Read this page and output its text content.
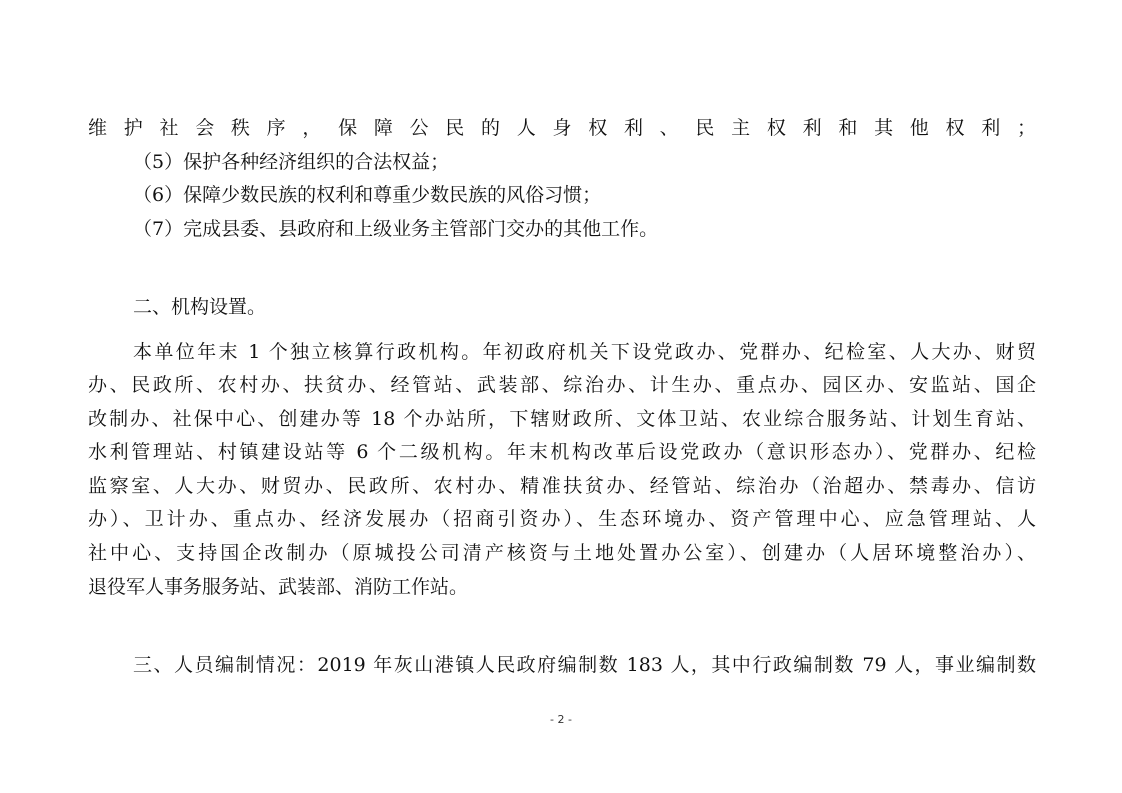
维护社会秩序，保障公民的人身权利、民主权利和其他权利；

（5）保护各种经济组织的合法权益；

（6）保障少数民族的权利和尊重少数民族的风俗习惯；

（7）完成县委、县政府和上级业务主管部门交办的其他工作。

二、机构设置。

本单位年末 1 个独立核算行政机构。年初政府机关下设党政办、党群办、纪检室、人大办、财贸

办、民政所、农村办、扶贫办、经管站、武装部、综治办、计生办、重点办、园区办、安监站、国企

改制办、社保中心、创建办等 18 个办站所，下辖财政所、文体卫站、农业综合服务站、计划生育站、

水利管理站、村镇建设站等 6 个二级机构。年末机构改革后设党政办（意识形态办）、党群办、纪检

监察室、人大办、财贸办、民政所、农村办、精准扶贫办、经管站、综治办（治超办、禁毒办、信访

办）、卫计办、重点办、经济发展办（招商引资办）、生态环境办、资产管理中心、应急管理站、人

社中心、支持国企改制办（原城投公司清产核资与土地处置办公室）、创建办（人居环境整治办）、

退役军人事务服务站、武装部、消防工作站。

三、人员编制情况：2019 年灰山港镇人民政府编制数 183 人，其中行政编制数 79 人，事业编制数

- 2 -
